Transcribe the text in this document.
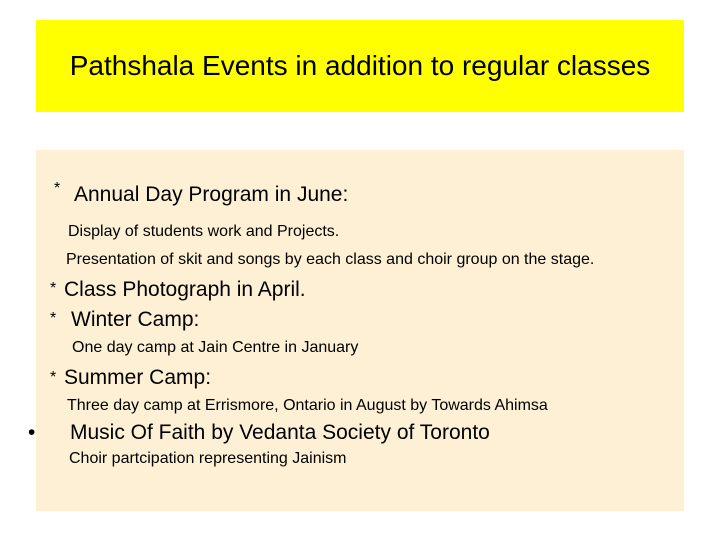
Pathshala Events in addition to regular classes
* Annual Day Program in June:
Display of students work and Projects.
Presentation of skit and songs by each class and choir group on the stage.
* Class Photograph in April.
* Winter Camp:
One day camp at Jain Centre in January
* Summer Camp:
Three day camp at Errismore, Ontario in August by Towards Ahimsa
• Music Of Faith by Vedanta Society of Toronto
Choir partcipation representing Jainism
